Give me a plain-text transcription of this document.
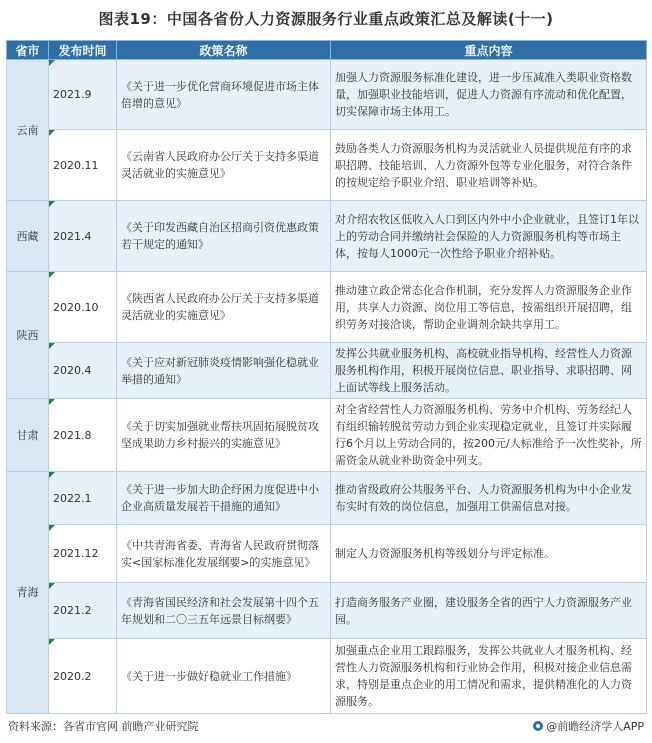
图表19：中国各省份人力资源服务行业重点政策汇总及解读(十一)
省市	发布时间	政策名称	重点内容
云南	2021.9	《关于进一步优化营商环境促进市场主体倍增的意见》	加强人力资源服务标准化建设，进一步压减准入类职业资格数量，加强职业技能培训，促进人力资源有序流动和优化配置，切实保障市场主体用工。
	2020.11	《云南省人民政府办公厅关于支持多渠道灵活就业的实施意见》	鼓励各类人力资源服务机构为灵活就业人员提供规范有序的求职招聘、技能培训、人力资源外包等专业化服务，对符合条件的按规定给予职业介绍、职业培训等补贴。
西藏	2021.4	《关于印发西藏自治区招商引资优惠政策若干规定的通知》	对介绍农牧区低收入人口到区内外中小企业就业，且签订1年以上的劳动合同并缴纳社会保险的人力资源服务机构等市场主体，按每人1000元一次性给予职业介绍补贴。
陕西	2020.10	《陕西省人民政府办公厅关于支持多渠道灵活就业的实施意见》	推动建立政企常态化合作机制，充分发挥人力资源服务企业作用，共享人力资源、岗位用工等信息，按需组织开展招聘，组织劳务对接洽谈，帮助企业调剂余缺共享用工。
	2020.4	《关于应对新冠肺炎疫情影响强化稳就业举措的通知》	发挥公共就业服务机构、高校就业指导机构、经营性人力资源服务机构作用，积极开展岗位信息、职业指导、求职招聘、网上面试等线上服务活动。
甘肃	2021.8	《关于切实加强就业帮扶巩固拓展脱贫攻坚成果助力乡村振兴的实施意见》	对全省经营性人力资源服务机构、劳务中介机构、劳务经纪人有组织输转脱贫劳动力到企业实现稳定就业，且签订并实际履行6个月以上劳动合同的，按200元/人标准给予一次性奖补，所需资金从就业补助资金中列支。
青海	2022.1	《关于进一步加大助企纾困力度促进中小企业高质量发展若干措施的通知》	推动省级政府公共服务平台、人力资源服务机构为中小企业发布实时有效的岗位信息，加强用工供需信息对接。
	2021.12	《中共青海省委、青海省人民政府贯彻落实<国家标准化发展纲要>的实施意见》	制定人力资源服务机构等级划分与评定标准。
	2021.2	《青海省国民经济和社会发展第十四个五年规划和二〇三五年远景目标纲要》	打造商务服务产业圈，建设服务全省的西宁人力资源服务产业园。
	2020.2	《关于进一步做好稳就业工作措施》	加强重点企业用工跟踪服务，发挥公共就业人才服务机构、经营性人力资源服务机构和行业协会作用，积极对接企业信息需求，特别是重点企业的用工情况和需求，提供精准化的人力资源服务。
资料来源：各省市官网 前瞻产业研究院	@前瞻经济学人APP
